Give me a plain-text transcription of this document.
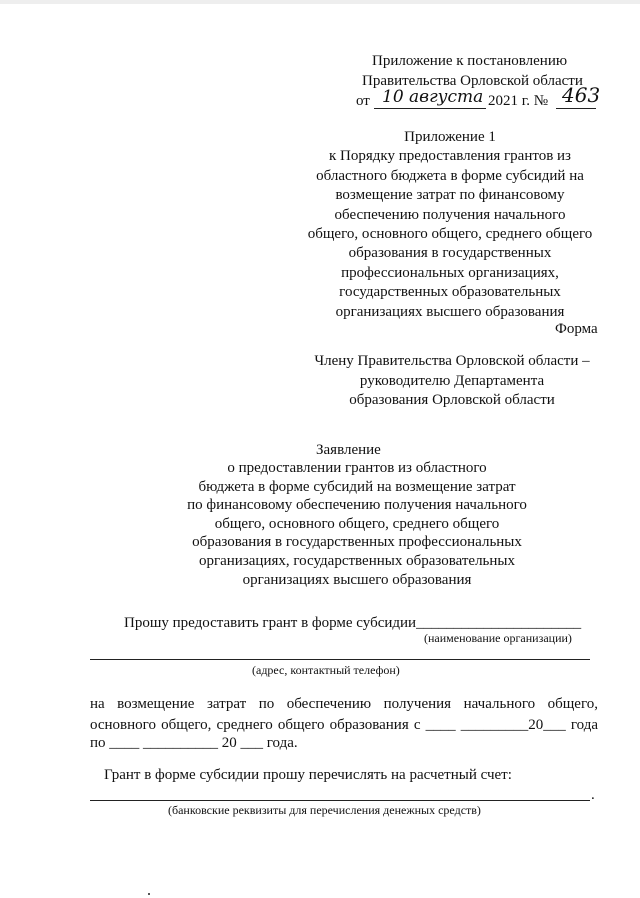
Приложение к постановлению
Правительства Орловской области
от 10 августа 2021 г. № 463
Приложение 1
к Порядку предоставления грантов из
областного бюджета в форме субсидий на
возмещение затрат по финансовому
обеспечению получения начального
общего, основного общего, среднего общего
образования в государственных
профессиональных организациях,
государственных образовательных
организациях высшего образования
Форма
Члену Правительства Орловской области –
руководителю Департамента
образования Орловской области
Заявление
о предоставлении грантов из областного
бюджета в форме субсидий на возмещение затрат
по финансовому обеспечению получения начального
общего, основного общего, среднего общего
образования в государственных профессиональных
организациях, государственных образовательных
организациях высшего образования
Прошу предоставить грант в форме субсидии______________________
(наименование организации)
(адрес, контактный телефон)
на возмещение затрат по обеспечению получения начального общего,
основного общего, среднего общего образования с ____ _________20___ года
по ____ __________ 20 ___ года.
Грант в форме субсидии прошу перечислять на расчетный счет:
.
(банковские реквизиты для перечисления денежных средств)
